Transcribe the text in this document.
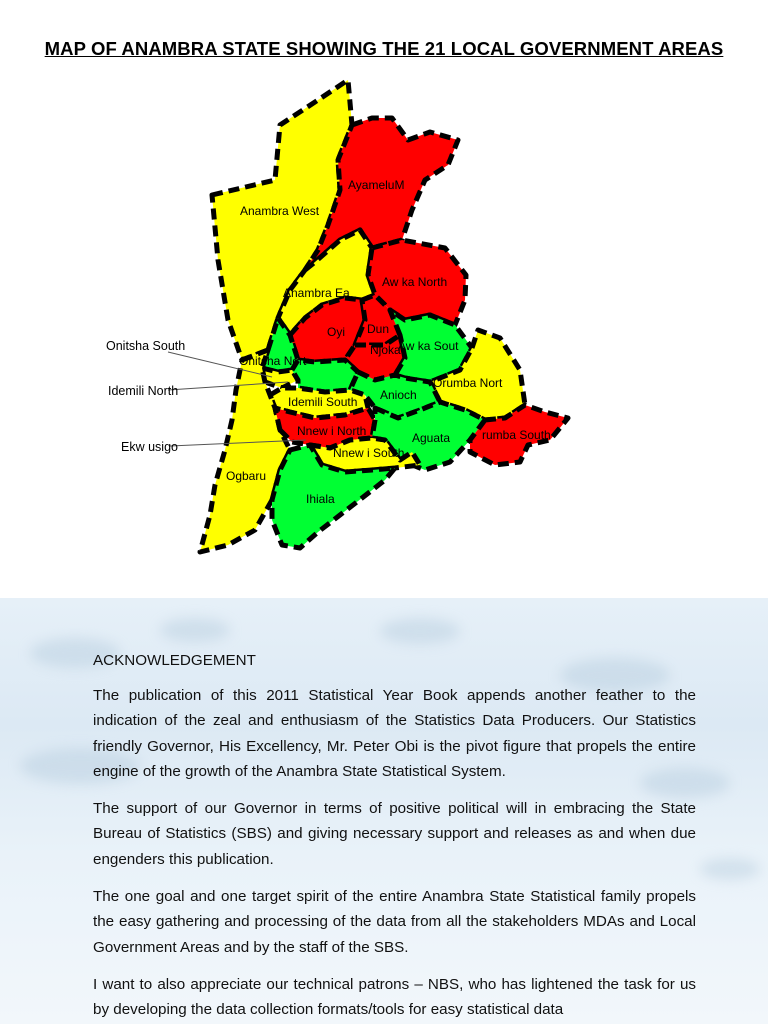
MAP OF ANAMBRA STATE SHOWING THE 21 LOCAL GOVERNMENT AREAS
Anambra West
AyameluM
Anambra Ea
Aw ka North
Oyi Dun
Njoka
Aw ka Sout
Onitsha Nort
Orumba Nort
Anioch
Idemili South
Nnew i North	Aguata	rumba South
Nnew i South
Ogbaru
Ihiala
Onitsha South
Idemili North
Ekw usigo
ACKNOWLEDGEMENT

The publication of this 2011 Statistical Year Book appends another feather to the indication of the zeal and enthusiasm of the Statistics Data Producers. Our Statistics friendly Governor, His Excellency, Mr. Peter Obi is the pivot figure that propels the entire engine of the growth of the Anambra State Statistical System.

The support of our Governor in terms of positive political will in embracing the State Bureau of Statistics (SBS) and giving necessary support and releases as and when due engenders this publication.

The one goal and one target spirit of the entire Anambra State Statistical family propels the easy gathering and processing of the data from all the stakeholders MDAs and Local Government Areas and by the staff of the SBS.

I want to also appreciate our technical patrons – NBS, who has lightened the task for us by developing the data collection formats/tools for easy statistical data
